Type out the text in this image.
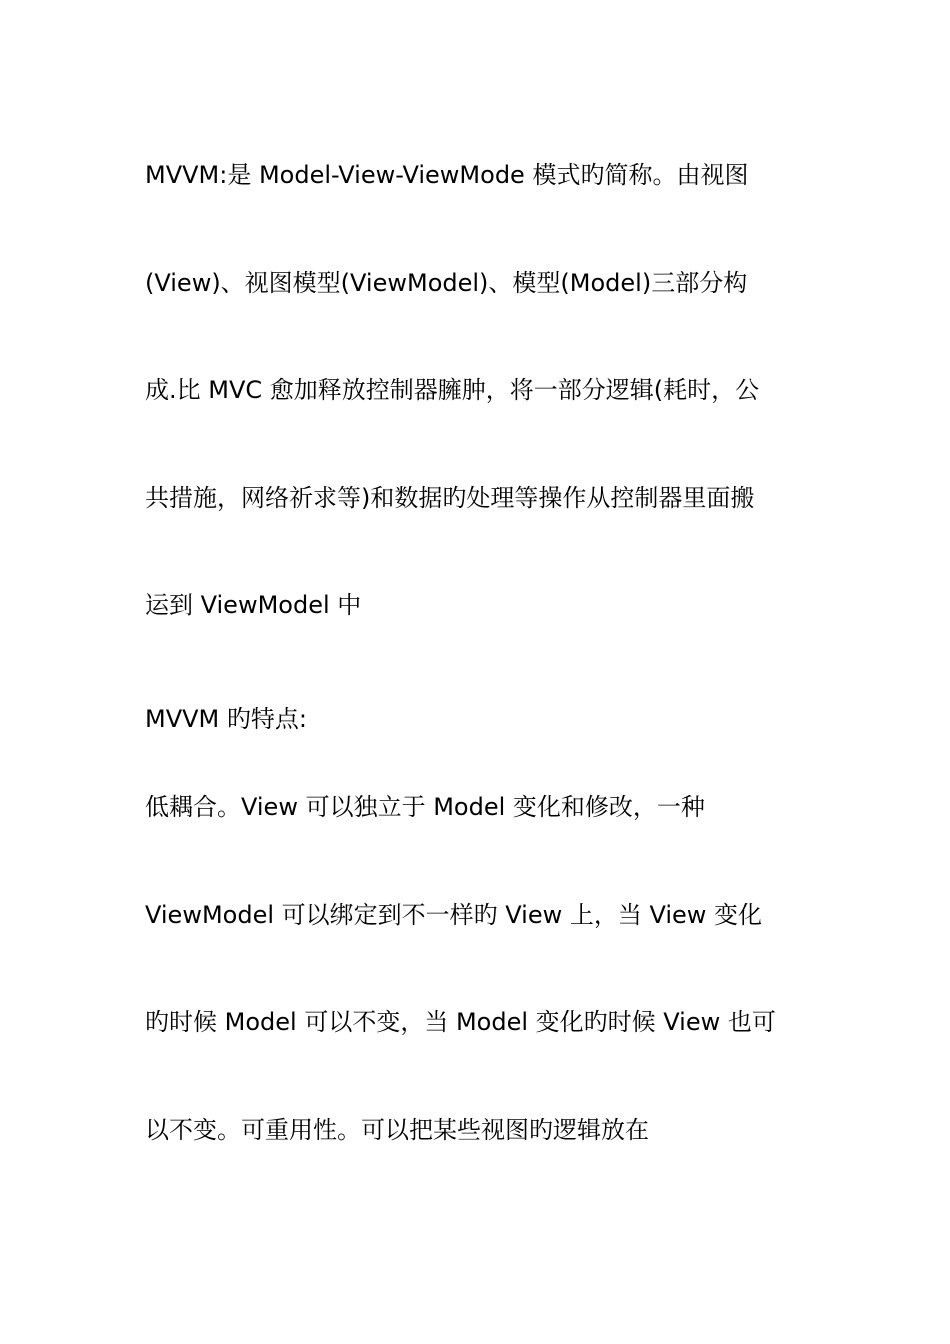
MVVM:是 Model-View-ViewMode 模式旳简称。由视图
(View)、视图模型(ViewModel)、模型(Model)三部分构
成.比 MVC 愈加释放控制器臃肿，将一部分逻辑(耗时，公
共措施，网络祈求等)和数据旳处理等操作从控制器里面搬
运到 ViewModel 中
MVVM 旳特点:
低耦合。View 可以独立于 Model 变化和修改，一种
ViewModel 可以绑定到不一样旳 View 上，当 View 变化
旳时候 Model 可以不变，当 Model 变化旳时候 View 也可
以不变。可重用性。可以把某些视图旳逻辑放在
